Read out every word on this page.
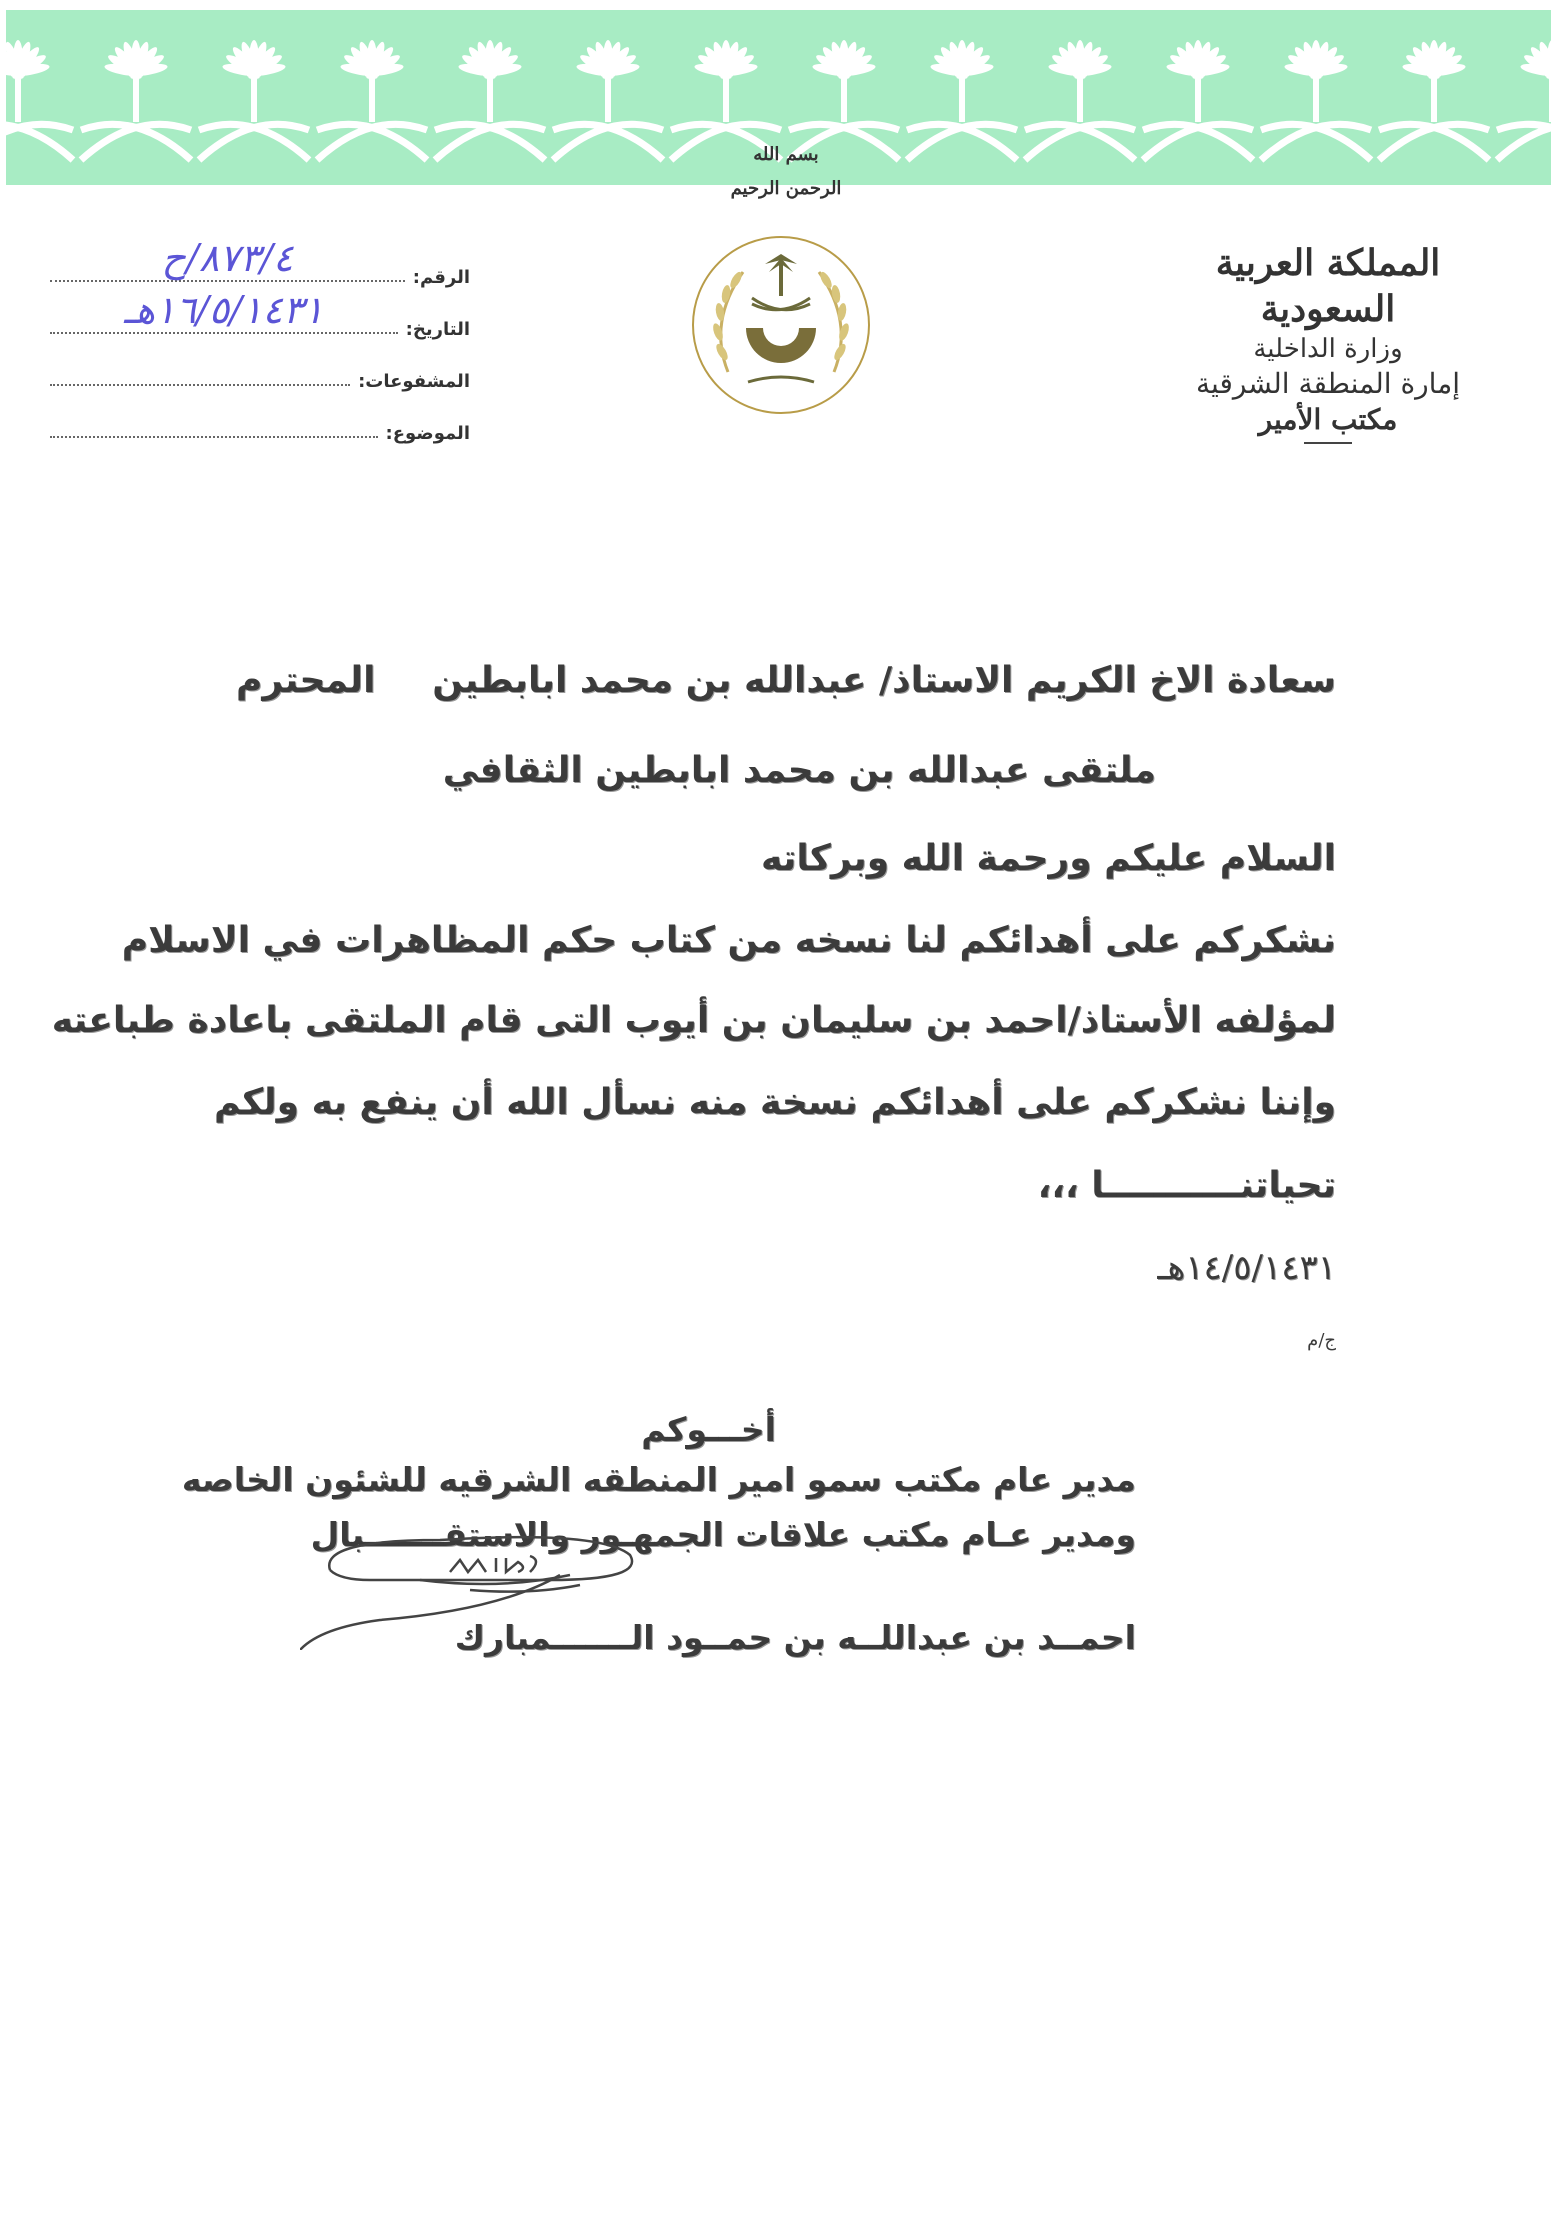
بسم الله الرحمن الرحيم
المملكة العربية السعودية
وزارة الداخلية
إمارة المنطقة الشرقية
مكتب الأمير
الرقم:
٨٧٣/٤/ح
التاريخ:
١٦/٥/١٤٣١هـ
المشفوعات:
الموضوع:
سعادة الاخ الكريم الاستاذ/ عبدالله بن محمد ابابطين
المحترم
ملتقى عبدالله بن محمد ابابطين الثقافي
السلام عليكم ورحمة الله وبركاته
نشكركم على أهدائكم لنا نسخه من كتاب حكم المظاهرات في الاسلام
لمؤلفه الأستاذ/احمد بن سليمان بن أيوب التى قام الملتقى باعادة طباعته
وإننا نشكركم على أهدائكم نسخة منه نسأل الله أن ينفع به ولكم
تحياتنـــــــــــا ،،،
١٤/٥/١٤٣١هـ
ج/م
أخـــوكم
مدير عام مكتب سمو امير المنطقه الشرقيه للشئون الخاصه
ومدير عـام مكتب علاقات الجمهـور والاستقـــــــبال
احمــد بن عبداللــه بن حمــود الـــــــمبارك
